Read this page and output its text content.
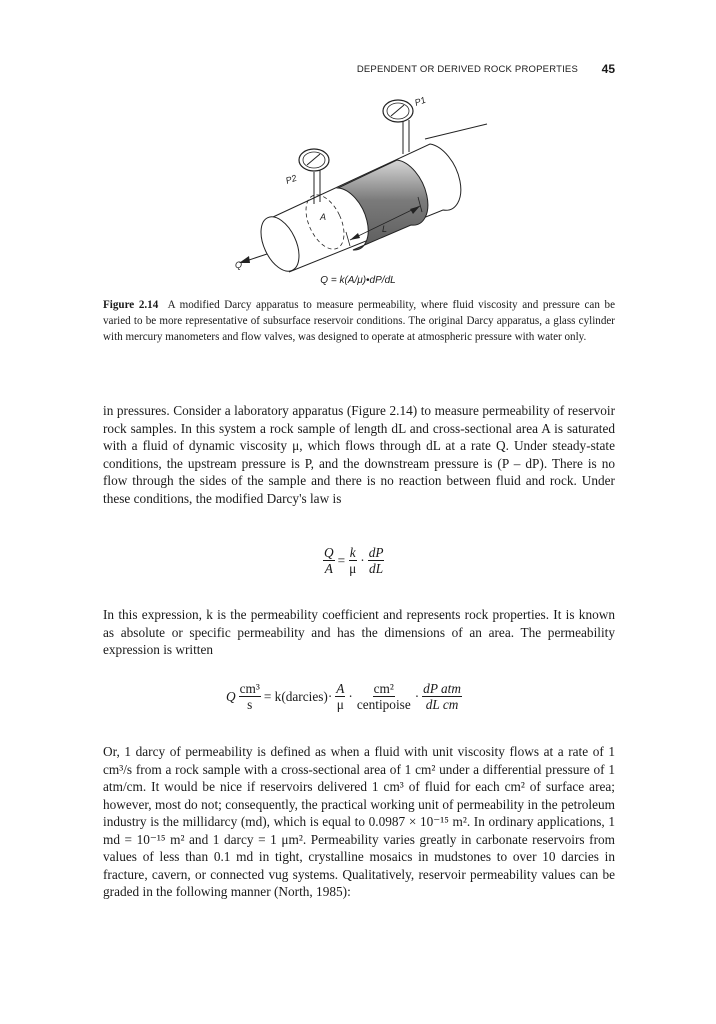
DEPENDENT OR DERIVED ROCK PROPERTIES 45
P1
P2
A
L
Q
Q = k(A/μ)•dP/dL
Figure 2.14 A modified Darcy apparatus to measure permeability, where fluid viscosity and pressure can be varied to be more representative of subsurface reservoir conditions. The original Darcy apparatus, a glass cylinder with mercury manometers and flow valves, was designed to operate at atmospheric pressure with water only.
in pressures. Consider a laboratory apparatus (Figure 2.14) to measure permeability of reservoir rock samples. In this system a rock sample of length dL and cross-sectional area A is saturated with a fluid of dynamic viscosity μ, which flows through dL at a rate Q. Under steady-state conditions, the upstream pressure is P, and the downstream pressure is (P – dP). There is no flow through the sides of the sample and there is no reaction between fluid and rock. Under these conditions, the modified Darcy's law is
$\frac{Q}{A} = \frac{k}{\mu} \cdot \frac{dP}{dL}$
In this expression, k is the permeability coefficient and represents rock properties. It is known as absolute or specific permeability and has the dimensions of an area. The permeability expression is written
Q $\frac{\text{cm³}}{s}$ = k(darcies)· $\frac{A}{\mu} \cdot \frac{\text{cm²}}{\text{centipoise}} \cdot \frac{\text{dP atm}}{\text{dL cm}}$
Or, 1 darcy of permeability is defined as when a fluid with unit viscosity flows at a rate of 1 cm³/s from a rock sample with a cross-sectional area of 1 cm² under a differential pressure of 1 atm/cm. It would be nice if reservoirs delivered 1 cm³ of fluid for each cm² of surface area; however, most do not; consequently, the practical working unit of permeability in the petroleum industry is the millidarcy (md), which is equal to 0.0987 × 10⁻¹⁵ m². In ordinary applications, 1 md = 10⁻¹⁵ m² and 1 darcy = 1 μm². Permeability varies greatly in carbonate reservoirs from values of less than 0.1 md in tight, crystalline mosaics in mudstones to over 10 darcies in fracture, cavern, or connected vug systems. Qualitatively, reservoir permeability values can be graded in the following manner (North, 1985):
